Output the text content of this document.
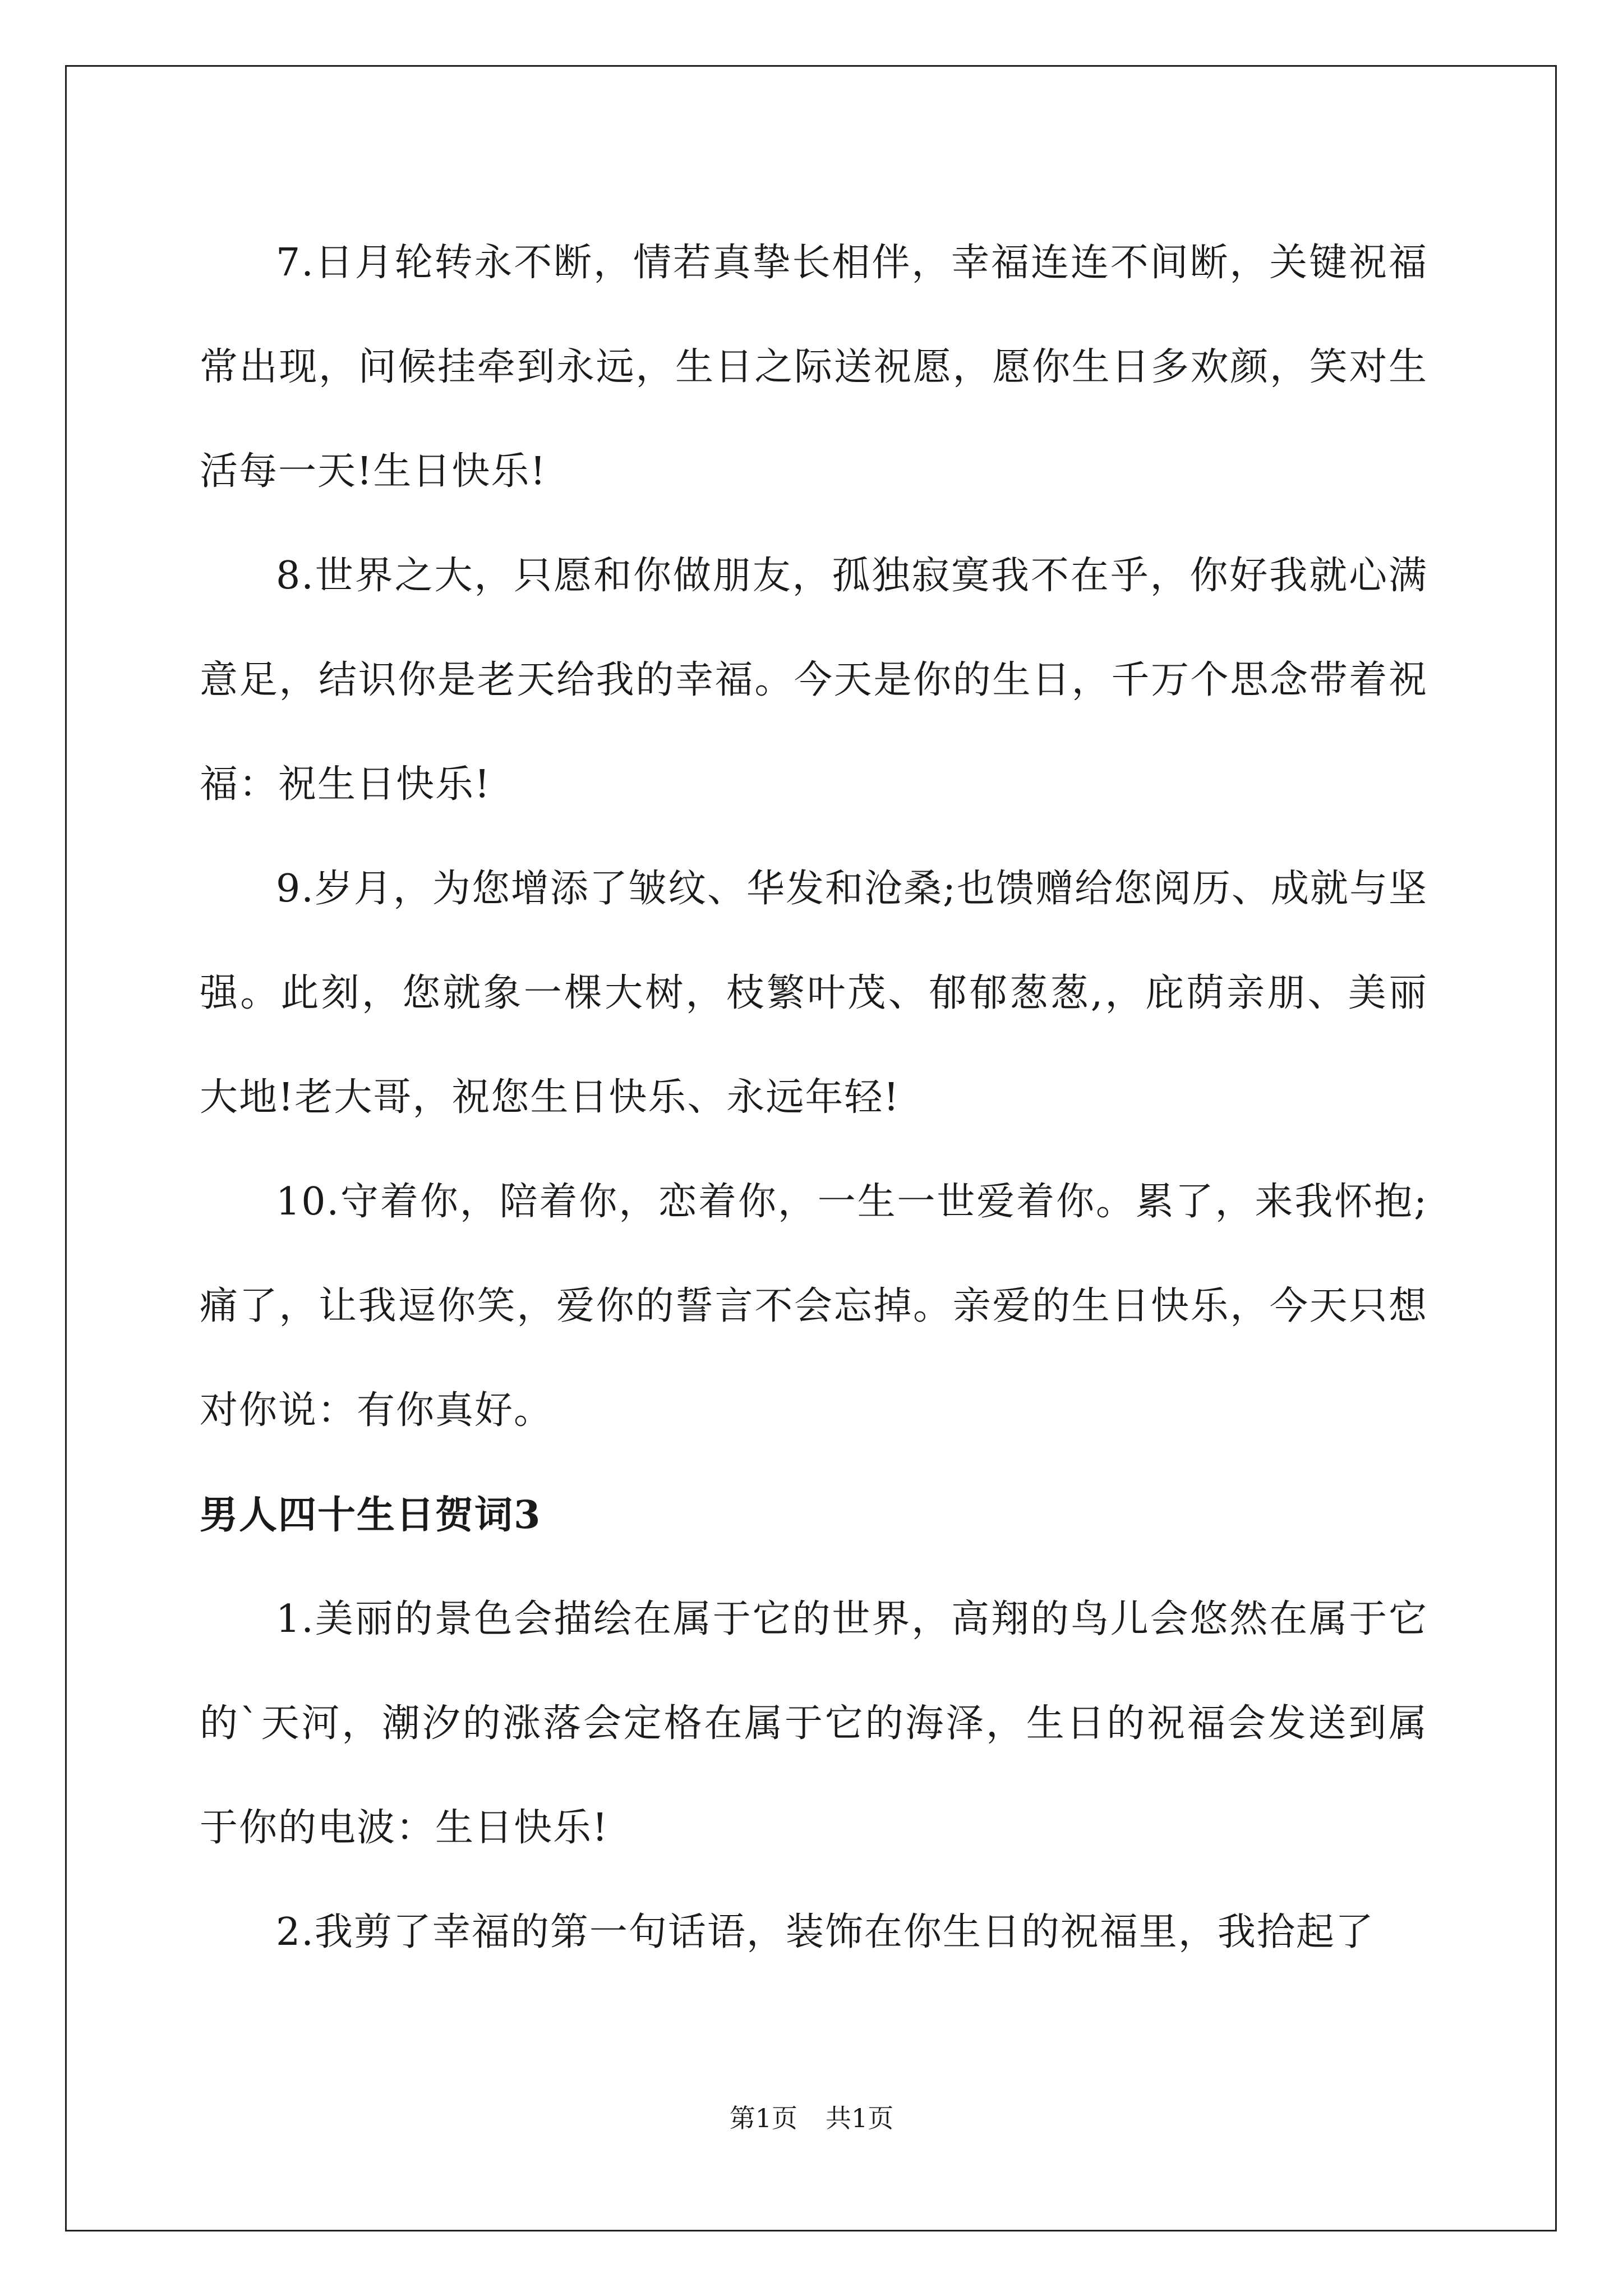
7.日月轮转永不断，情若真挚长相伴，幸福连连不间断，关键祝福常出现，问候挂牵到永远，生日之际送祝愿，愿你生日多欢颜，笑对生活每一天!生日快乐!

8.世界之大，只愿和你做朋友，孤独寂寞我不在乎，你好我就心满意足，结识你是老天给我的幸福。今天是你的生日，千万个思念带着祝福：祝生日快乐!

9.岁月，为您增添了皱纹、华发和沧桑;也馈赠给您阅历、成就与坚强。此刻，您就象一棵大树，枝繁叶茂、郁郁葱葱,，庇荫亲朋、美丽大地!老大哥，祝您生日快乐、永远年轻!

10.守着你，陪着你，恋着你，一生一世爱着你。累了，来我怀抱;痛了，让我逗你笑，爱你的誓言不会忘掉。亲爱的生日快乐，今天只想对你说：有你真好。

男人四十生日贺词3

1.美丽的景色会描绘在属于它的世界，高翔的鸟儿会悠然在属于它的`天河，潮汐的涨落会定格在属于它的海泽，生日的祝福会发送到属于你的电波：生日快乐!

2.我剪了幸福的第一句话语，装饰在你生日的祝福里，我拾起了

第1页 共1页
